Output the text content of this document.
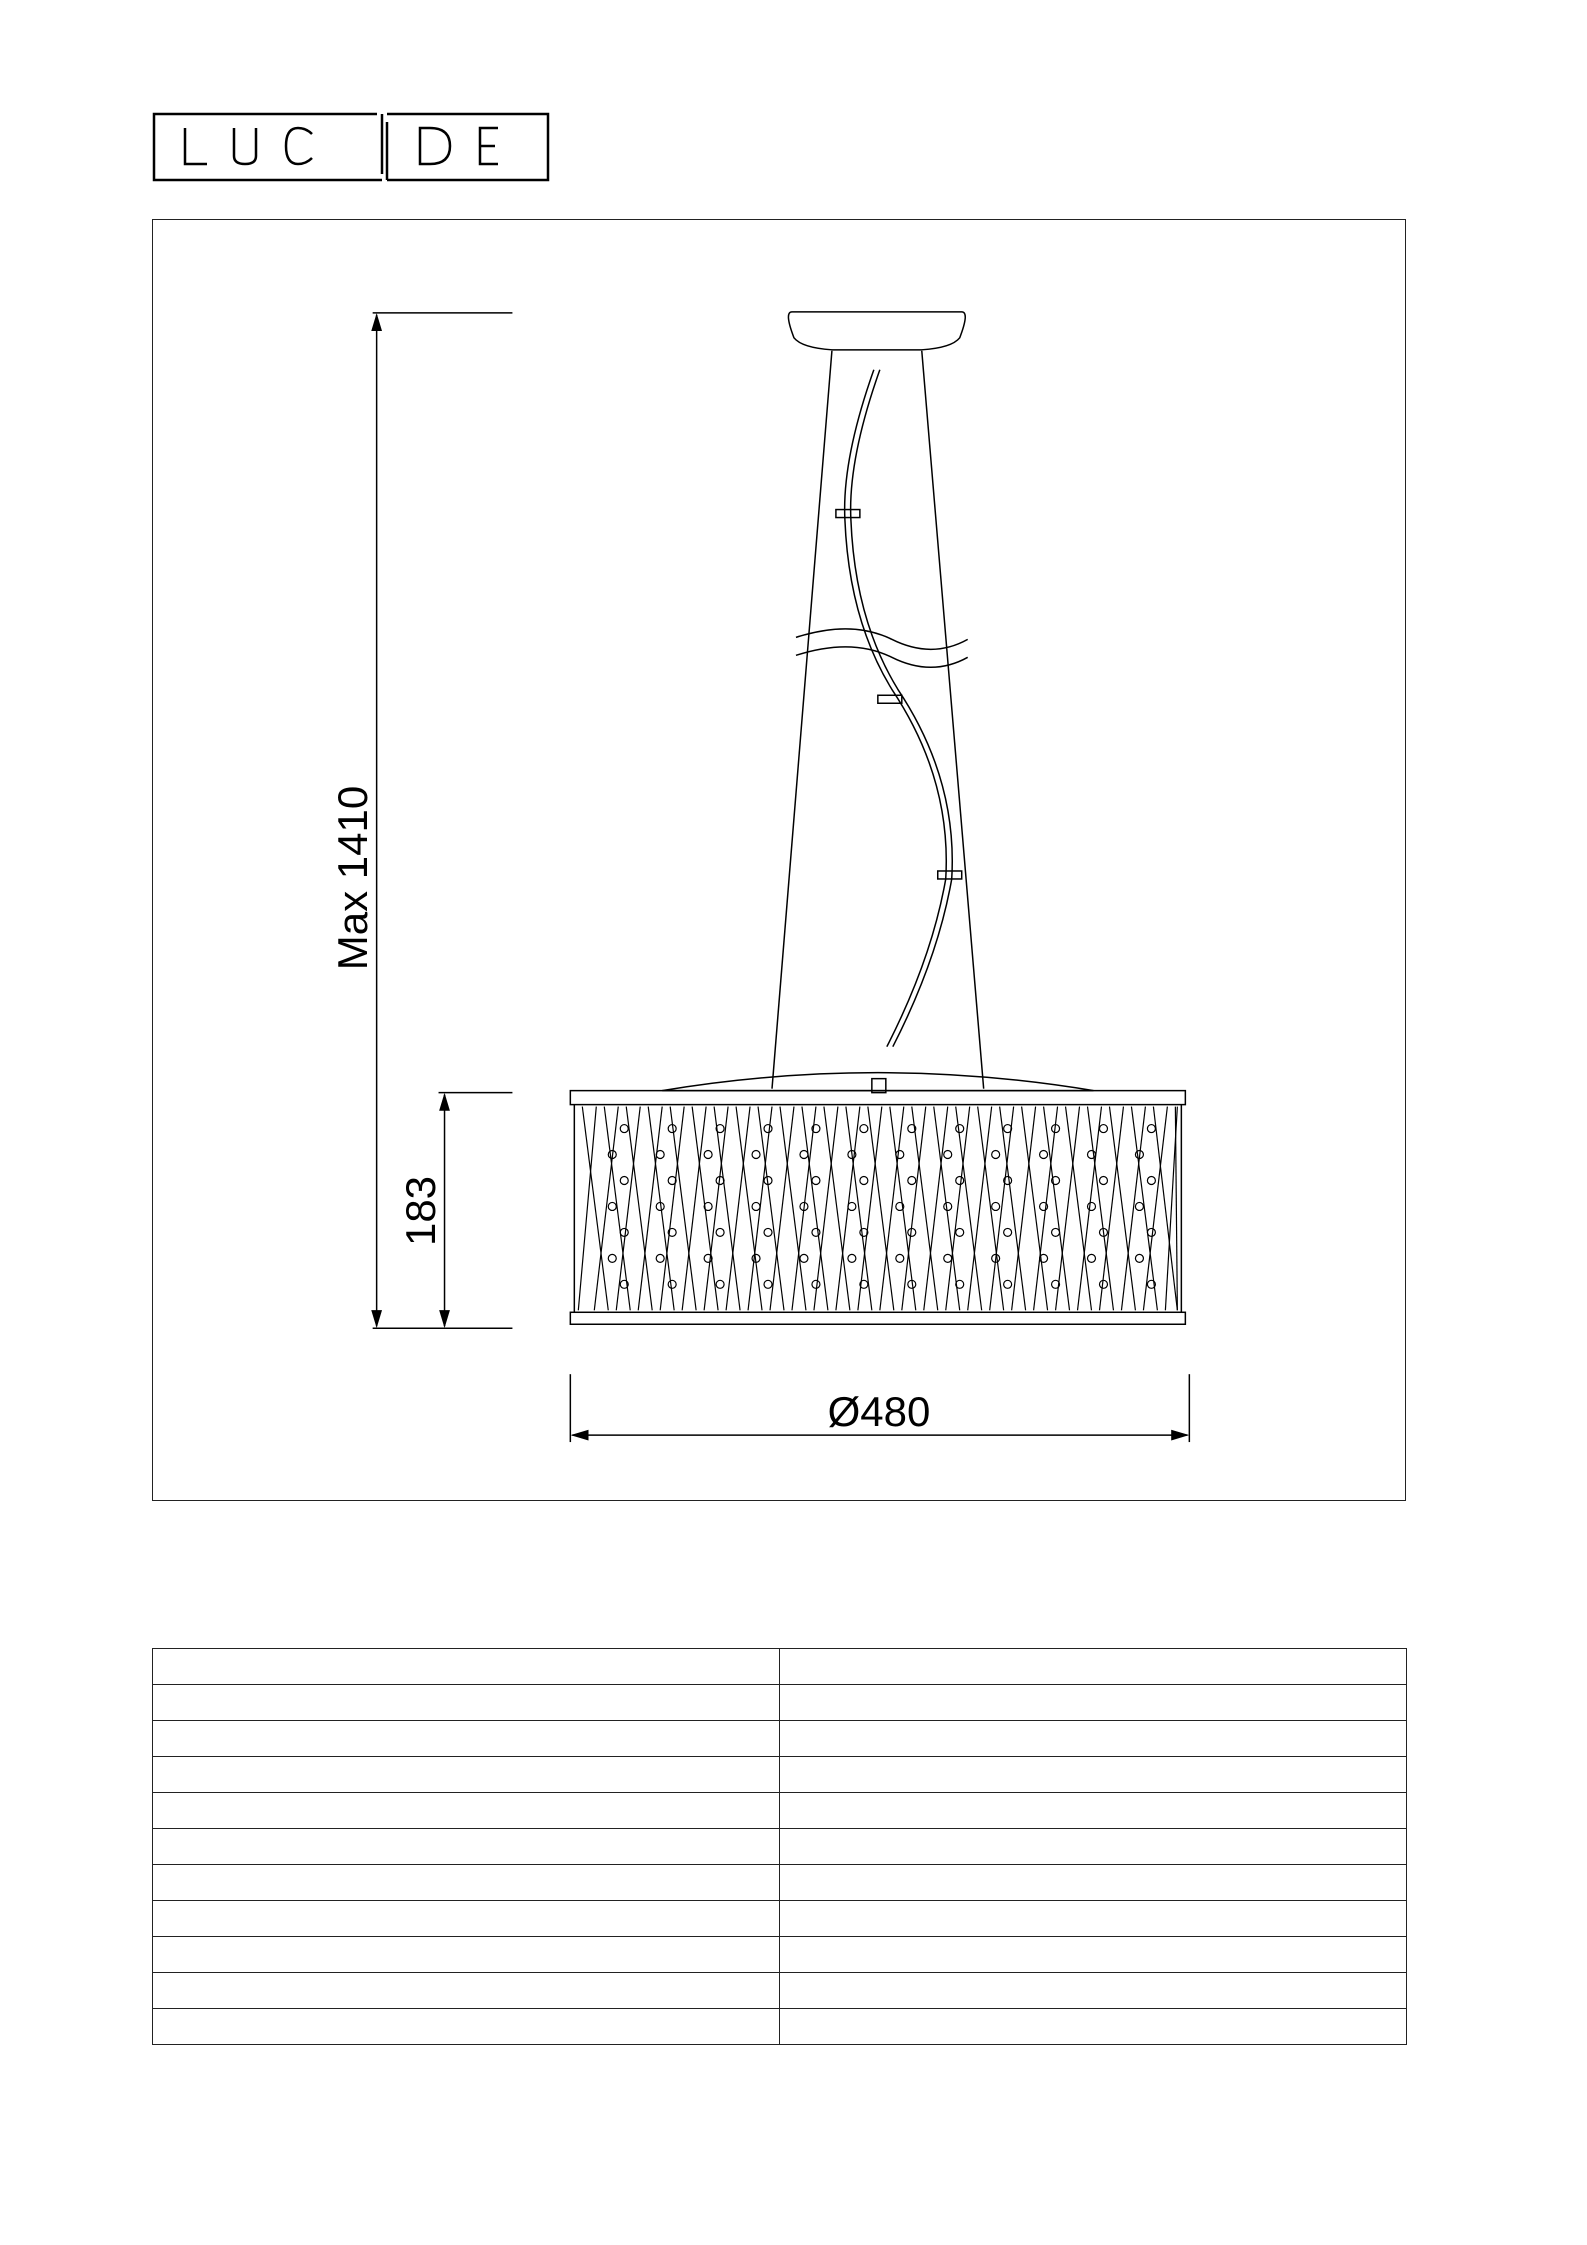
Max 1410
183
Ø480
